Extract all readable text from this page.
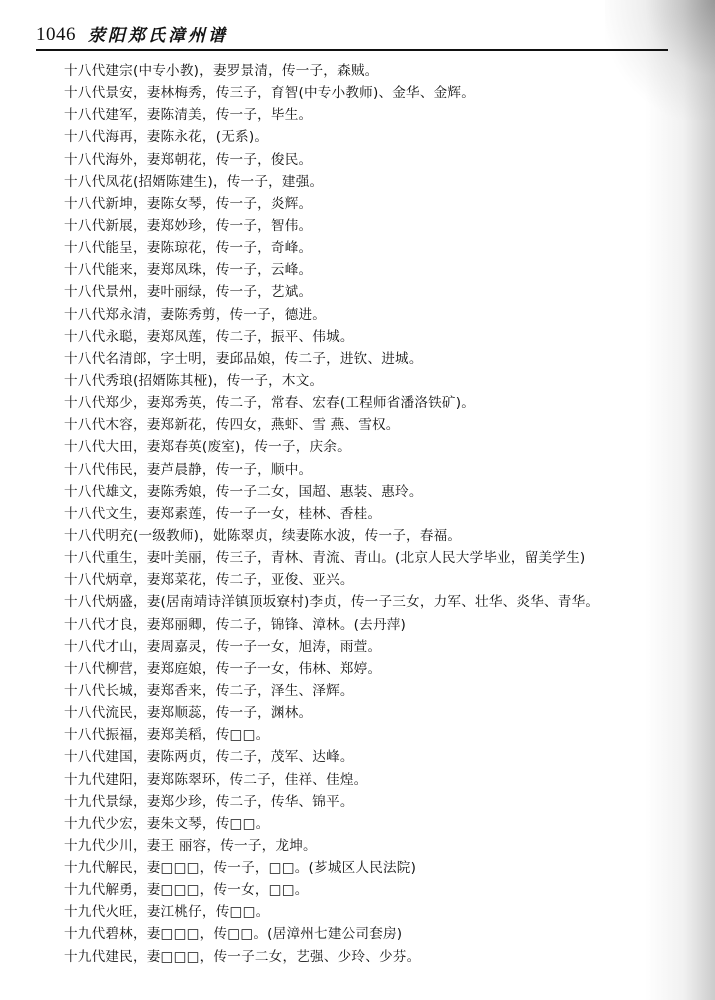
1046 荥阳郑氏漳州谱
十八代建宗(中专小教)，妻罗景清，传一子，森贼。
十八代景安，妻林梅秀，传三子，育智(中专小教师)、金华、金辉。
十八代建军，妻陈清美，传一子，毕生。
十八代海再，妻陈永花，(无系)。
十八代海外，妻郑朝花，传一子，俊民。
十八代凤花(招婿陈建生)，传一子，建强。
十八代新坤，妻陈女琴，传一子，炎辉。
十八代新展，妻郑妙珍，传一子，智伟。
十八代能呈，妻陈琼花，传一子，奇峰。
十八代能来，妻郑凤珠，传一子，云峰。
十八代景州，妻叶丽绿，传一子，艺斌。
十八代郑永清，妻陈秀剪，传一子，德进。
十八代永聪，妻郑凤莲，传二子，振平、伟城。
十八代名清郎，字士明，妻邱品娘，传二子，进钦、进城。
十八代秀琅(招婿陈其桠)，传一子，木文。
十八代郑少，妻郑秀英，传二子，常春、宏春(工程师省潘洛铁矿)。
十八代木容，妻郑新花，传四女，燕虾、雪 燕、雪权。
十八代大田，妻郑春英(废室)，传一子，庆余。
十八代伟民，妻芦晨静，传一子，顺中。
十八代雄文，妻陈秀娘，传一子二女，国超、惠装、惠玲。
十八代文生，妻郑素莲，传一子一女，桂林、香桂。
十八代明充(一级教师)，妣陈翠贞，续妻陈水波，传一子，春福。
十八代重生，妻叶美丽，传三子，青林、青流、青山。(北京人民大学毕业，留美学生)
十八代炳章，妻郑菜花，传二子，亚俊、亚兴。
十八代炳盛，妻(居南靖诗洋镇顶坂寮村)李贞，传一子三女，力军、壮华、炎华、青华。
十八代才良，妻郑丽卿，传二子，锦锋、漳林。(去丹萍)
十八代才山，妻周嘉灵，传一子一女，旭涛，雨萱。
十八代柳营，妻郑庭娘，传一子一女，伟林、郑婷。
十八代长城，妻郑香来，传二子，泽生、泽辉。
十八代流民，妻郑顺蕊，传一子，渊林。
十八代振福，妻郑美稻，传□□。
十八代建国，妻陈两贞，传二子，茂军、达峰。
十九代建阳，妻郑陈翠环，传二子，佳祥、佳煌。
十九代景绿，妻郑少珍，传二子，传华、锦平。
十九代少宏，妻朱文琴，传□□。
十九代少川，妻王 丽容，传一子，龙坤。
十九代解民，妻□□□，传一子，□□。(芗城区人民法院)
十九代解勇，妻□□□，传一女，□□。
十九代火旺，妻江桃仔，传□□。
十九代碧林，妻□□□，传□□。(居漳州七建公司套房)
十九代建民，妻□□□，传一子二女，艺强、少玲、少芬。
